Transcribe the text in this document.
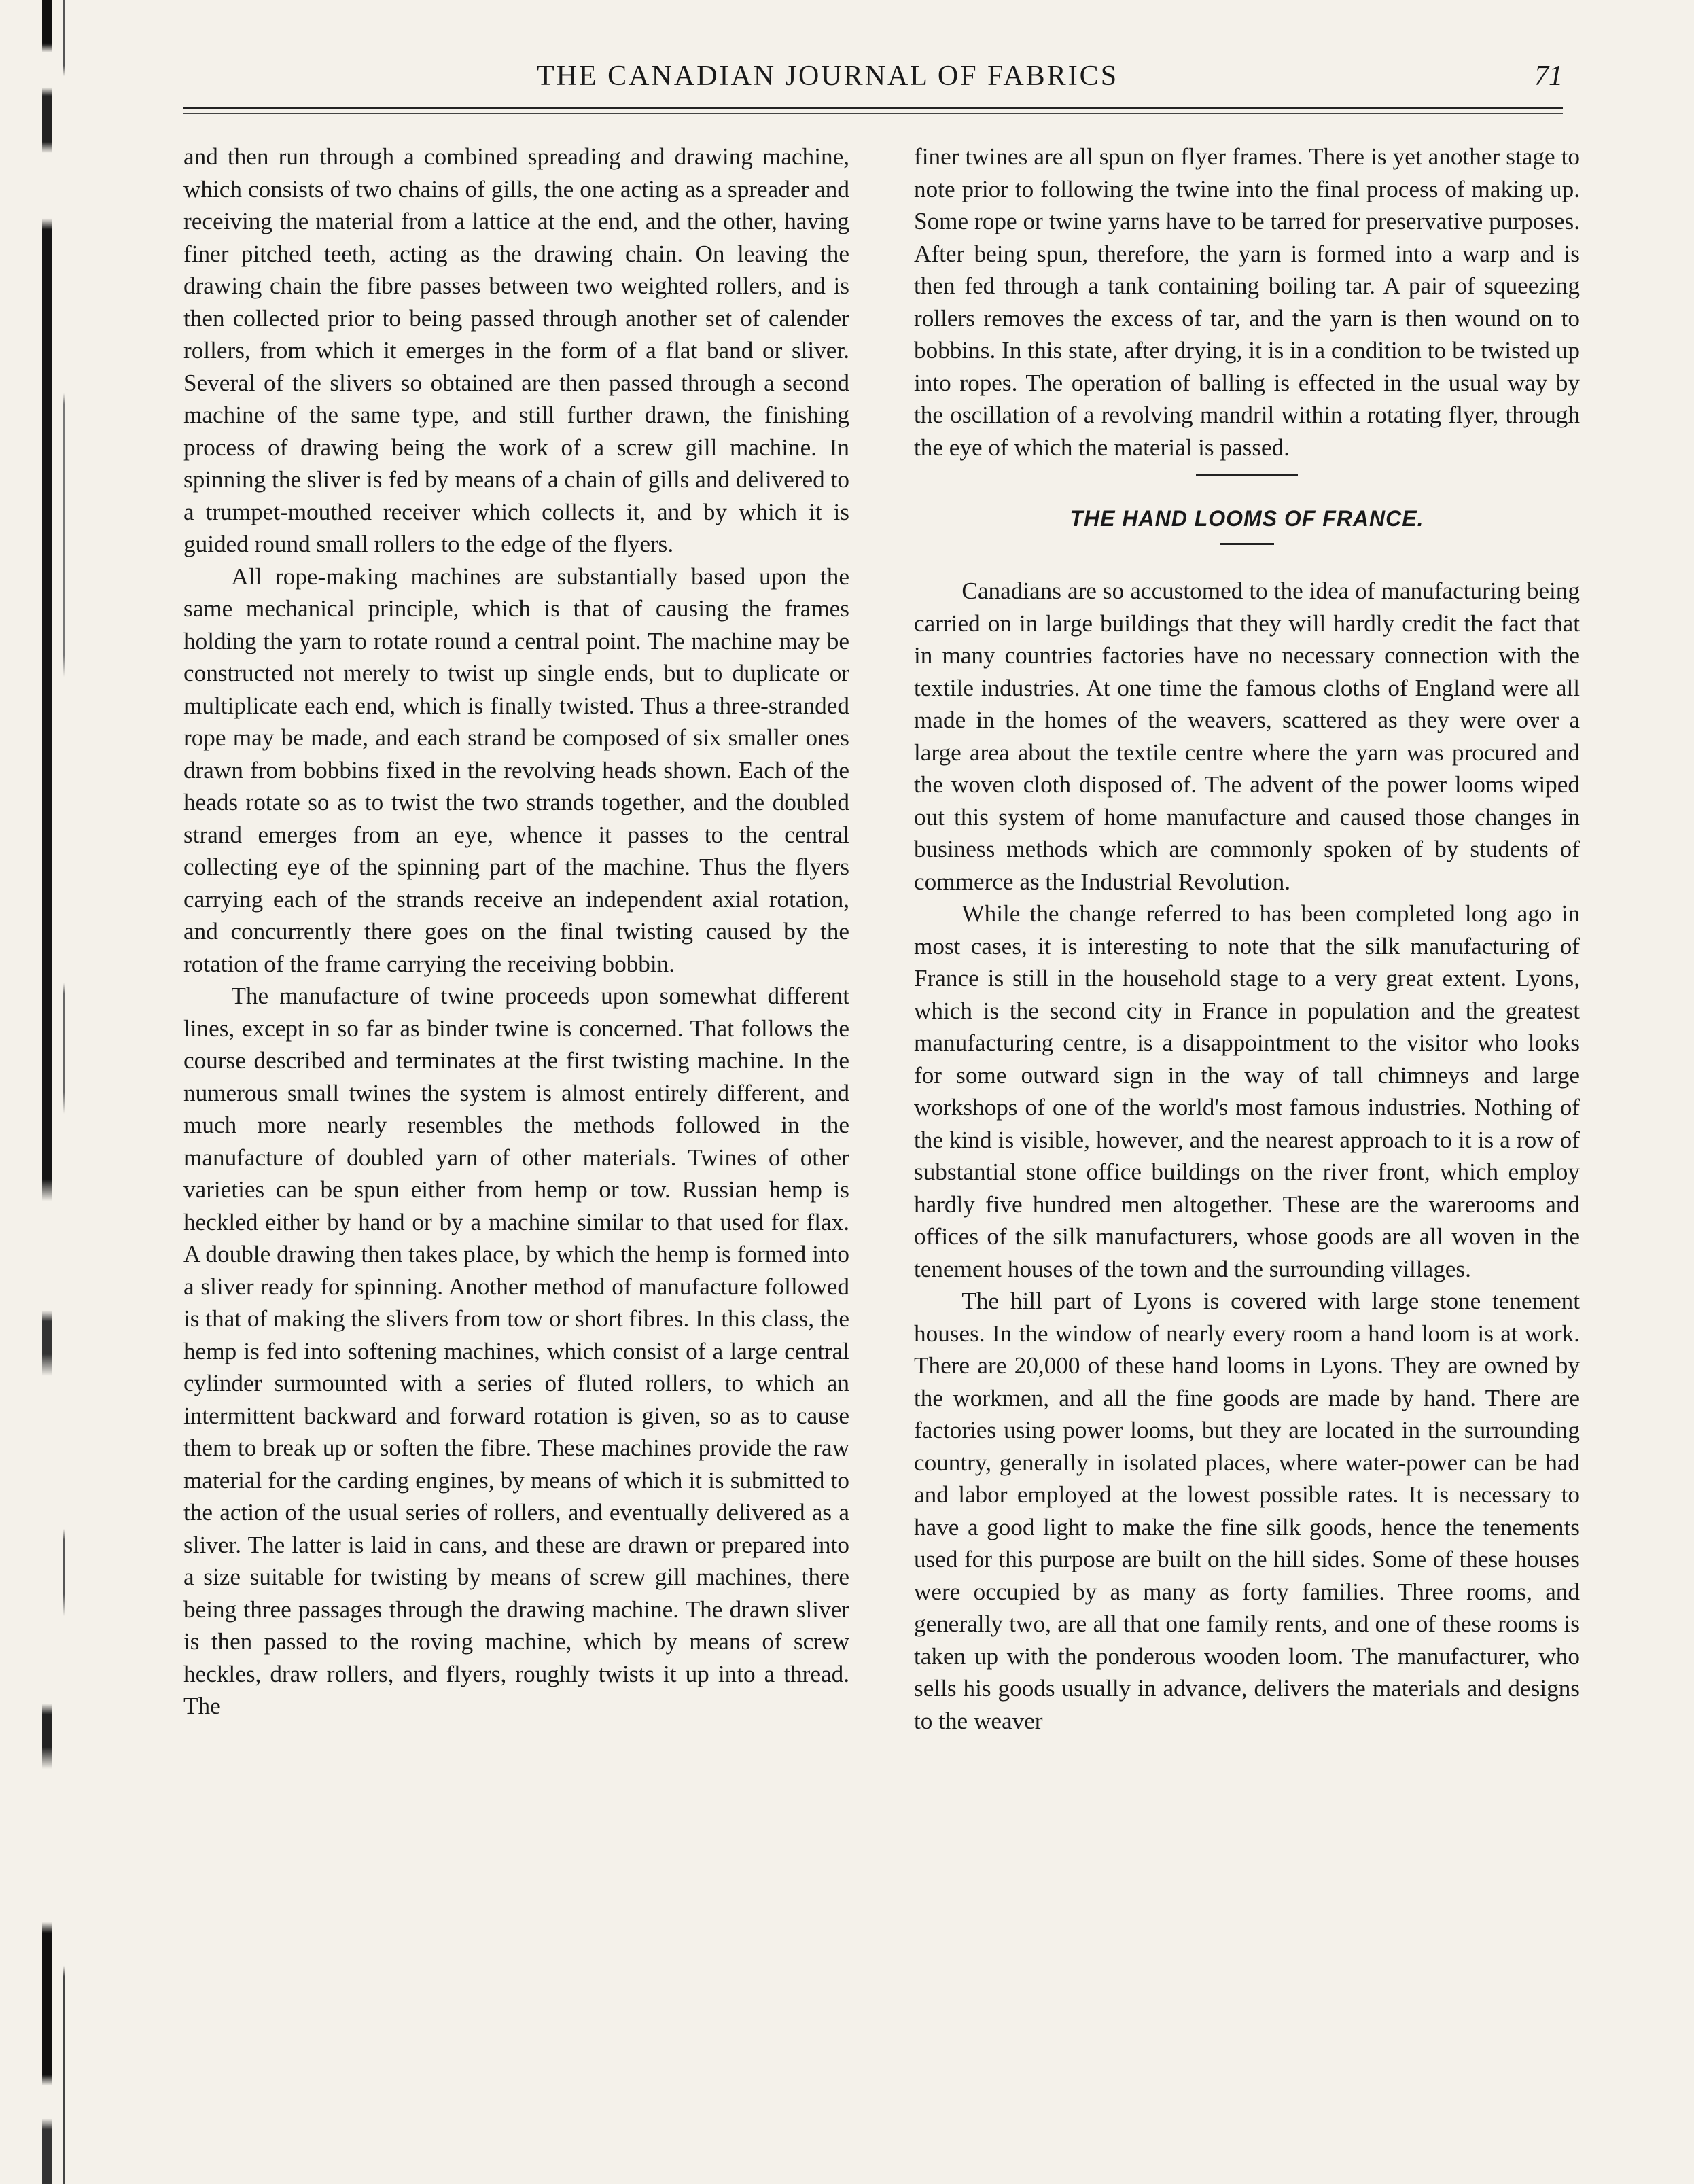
THE CANADIAN JOURNAL OF FABRICS	71

and then run through a combined spreading and drawing machine, which consists of two chains of gills, the one acting as a spreader and receiving the material from a lattice at the end, and the other, having finer pitched teeth, acting as the drawing chain. On leaving the drawing chain the fibre passes between two weighted rollers, and is then collected prior to being passed through another set of calender rollers, from which it emerges in the form of a flat band or sliver. Several of the slivers so obtained are then passed through a second machine of the same type, and still further drawn, the finishing process of drawing being the work of a screw gill machine. In spinning the sliver is fed by means of a chain of gills and delivered to a trumpet-mouthed receiver which collects it, and by which it is guided round small rollers to the edge of the flyers.

All rope-making machines are substantially based upon the same mechanical principle, which is that of causing the frames holding the yarn to rotate round a central point. The machine may be constructed not merely to twist up single ends, but to duplicate or multiplicate each end, which is finally twisted. Thus a three-stranded rope may be made, and each strand be composed of six smaller ones drawn from bobbins fixed in the revolving heads shown. Each of the heads rotate so as to twist the two strands together, and the doubled strand emerges from an eye, whence it passes to the central collecting eye of the spinning part of the machine. Thus the flyers carrying each of the strands receive an independent axial rotation, and concurrently there goes on the final twisting caused by the rotation of the frame carrying the receiving bobbin.

The manufacture of twine proceeds upon somewhat different lines, except in so far as binder twine is concerned. That follows the course described and terminates at the first twisting machine. In the numerous small twines the system is almost entirely different, and much more nearly resembles the methods followed in the manufacture of doubled yarn of other materials. Twines of other varieties can be spun either from hemp or tow. Russian hemp is heckled either by hand or by a machine similar to that used for flax. A double drawing then takes place, by which the hemp is formed into a sliver ready for spinning. Another method of manufacture followed is that of making the slivers from tow or short fibres. In this class, the hemp is fed into softening machines, which consist of a large central cylinder surmounted with a series of fluted rollers, to which an intermittent backward and forward rotation is given, so as to cause them to break up or soften the fibre. These machines provide the raw material for the carding engines, by means of which it is submitted to the action of the usual series of rollers, and eventually delivered as a sliver. The latter is laid in cans, and these are drawn or prepared into a size suitable for twisting by means of screw gill machines, there being three passages through the drawing machine. The drawn sliver is then passed to the roving machine, which by means of screw heckles, draw rollers, and flyers, roughly twists it up into a thread. The

finer twines are all spun on flyer frames. There is yet another stage to note prior to following the twine into the final process of making up. Some rope or twine yarns have to be tarred for preservative purposes. After being spun, therefore, the yarn is formed into a warp and is then fed through a tank containing boiling tar. A pair of squeezing rollers removes the excess of tar, and the yarn is then wound on to bobbins. In this state, after drying, it is in a condition to be twisted up into ropes. The operation of balling is effected in the usual way by the oscillation of a revolving mandril within a rotating flyer, through the eye of which the material is passed.

THE HAND LOOMS OF FRANCE.

Canadians are so accustomed to the idea of manufacturing being carried on in large buildings that they will hardly credit the fact that in many countries factories have no necessary connection with the textile industries. At one time the famous cloths of England were all made in the homes of the weavers, scattered as they were over a large area about the textile centre where the yarn was procured and the woven cloth disposed of. The advent of the power looms wiped out this system of home manufacture and caused those changes in business methods which are commonly spoken of by students of commerce as the Industrial Revolution.

While the change referred to has been completed long ago in most cases, it is interesting to note that the silk manufacturing of France is still in the household stage to a very great extent. Lyons, which is the second city in France in population and the greatest manufacturing centre, is a disappointment to the visitor who looks for some outward sign in the way of tall chimneys and large workshops of one of the world's most famous industries. Nothing of the kind is visible, however, and the nearest approach to it is a row of substantial stone office buildings on the river front, which employ hardly five hundred men altogether. These are the warerooms and offices of the silk manufacturers, whose goods are all woven in the tenement houses of the town and the surrounding villages.

The hill part of Lyons is covered with large stone tenement houses. In the window of nearly every room a hand loom is at work. There are 20,000 of these hand looms in Lyons. They are owned by the workmen, and all the fine goods are made by hand. There are factories using power looms, but they are located in the surrounding country, generally in isolated places, where water-power can be had and labor employed at the lowest possible rates. It is necessary to have a good light to make the fine silk goods, hence the tenements used for this purpose are built on the hill sides. Some of these houses were occupied by as many as forty families. Three rooms, and generally two, are all that one family rents, and one of these rooms is taken up with the ponderous wooden loom. The manufacturer, who sells his goods usually in advance, delivers the materials and designs to the weaver
